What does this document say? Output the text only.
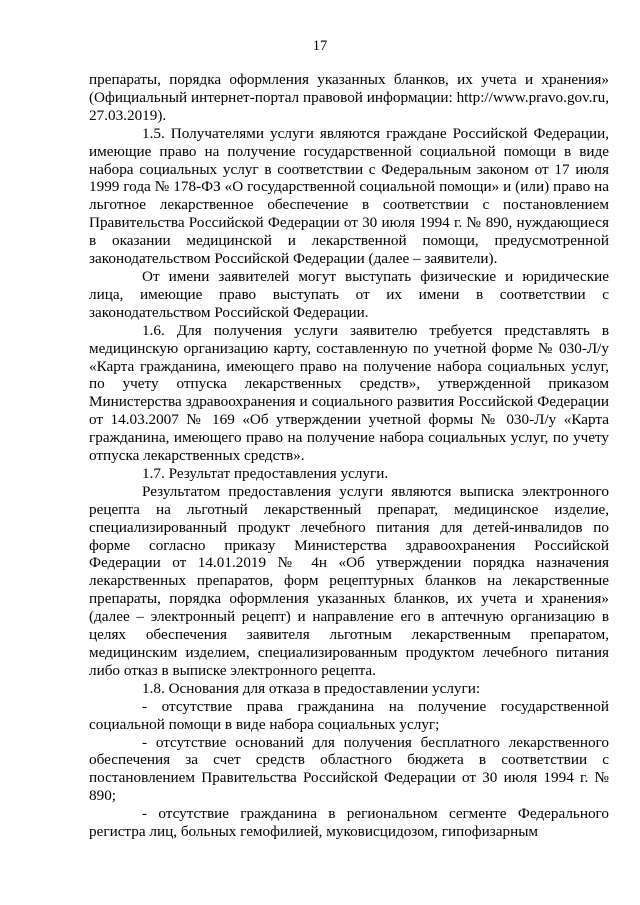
17

препараты, порядка оформления указанных бланков, их учета и хранения» (Официальный интернет-портал правовой информации: http://www.pravo.gov.ru, 27.03.2019).

1.5. Получателями услуги являются граждане Российской Федерации, имеющие право на получение государственной социальной помощи в виде набора социальных услуг в соответствии с Федеральным законом от 17 июля 1999 года № 178-ФЗ «О государственной социальной помощи» и (или) право на льготное лекарственное обеспечение в соответствии с постановлением Правительства Российской Федерации от 30 июля 1994 г. № 890, нуждающиеся в оказании медицинской и лекарственной помощи, предусмотренной законодательством Российской Федерации (далее – заявители).

От имени заявителей могут выступать физические и юридические лица, имеющие право выступать от их имени в соответствии с законодательством Российской Федерации.

1.6. Для получения услуги заявителю требуется представлять в медицинскую организацию карту, составленную по учетной форме № 030-Л/у «Карта гражданина, имеющего право на получение набора социальных услуг, по учету отпуска лекарственных средств», утвержденной приказом Министерства здравоохранения и социального развития Российской Федерации от 14.03.2007 № 169 «Об утверждении учетной формы № 030-Л/у «Карта гражданина, имеющего право на получение набора социальных услуг, по учету отпуска лекарственных средств».

1.7. Результат предоставления услуги.

Результатом предоставления услуги являются выписка электронного рецепта на льготный лекарственный препарат, медицинское изделие, специализированный продукт лечебного питания для детей-инвалидов по форме согласно приказу Министерства здравоохранения Российской Федерации от 14.01.2019 № 4н «Об утверждении порядка назначения лекарственных препаратов, форм рецептурных бланков на лекарственные препараты, порядка оформления указанных бланков, их учета и хранения» (далее – электронный рецепт) и направление его в аптечную организацию в целях обеспечения заявителя льготным лекарственным препаратом, медицинским изделием, специализированным продуктом лечебного питания либо отказ в выписке электронного рецепта.

1.8. Основания для отказа в предоставлении услуги:

- отсутствие права гражданина на получение государственной социальной помощи в виде набора социальных услуг;

- отсутствие оснований для получения бесплатного лекарственного обеспечения за счет средств областного бюджета в соответствии с постановлением Правительства Российской Федерации от 30 июля 1994 г. № 890;

- отсутствие гражданина в региональном сегменте Федерального регистра лиц, больных гемофилией, муковисцидозом, гипофизарным
